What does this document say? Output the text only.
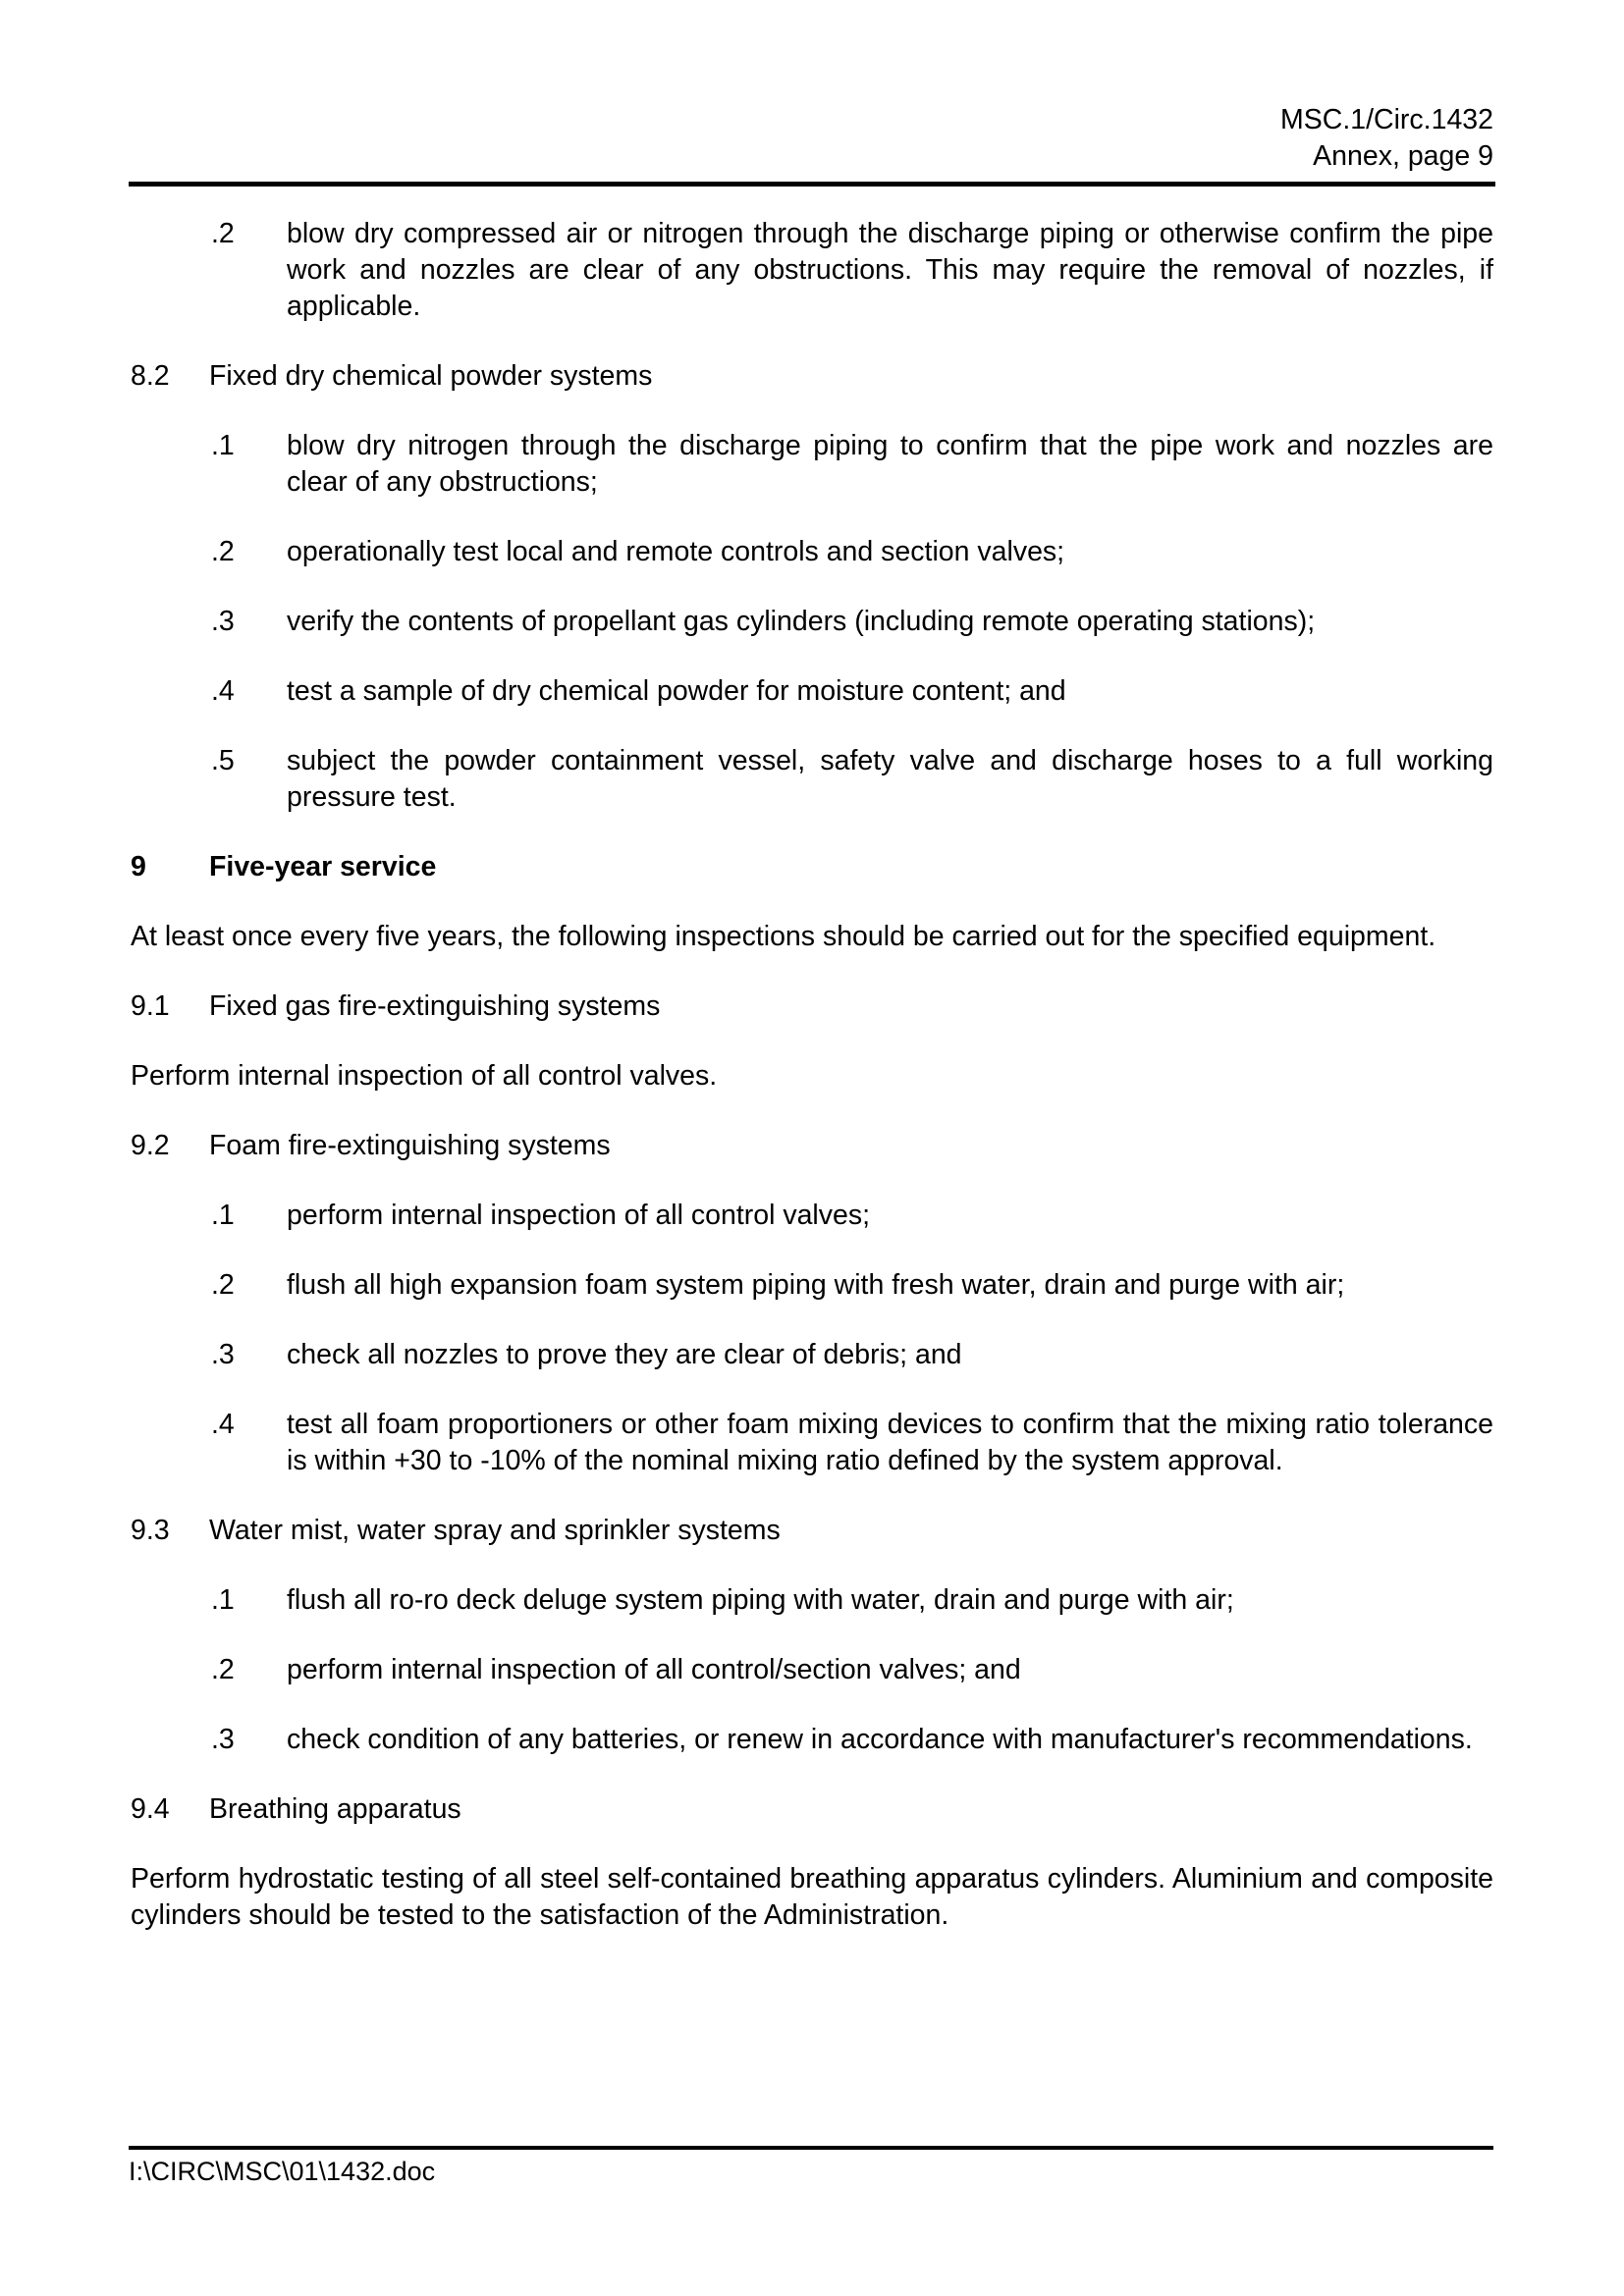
MSC.1/Circ.1432
Annex, page 9
.2	blow dry compressed air or nitrogen through the discharge piping or otherwise confirm the pipe work and nozzles are clear of any obstructions. This may require the removal of nozzles, if applicable.

8.2	Fixed dry chemical powder systems
.1	blow dry nitrogen through the discharge piping to confirm that the pipe work and nozzles are clear of any obstructions;

.2	operationally test local and remote controls and section valves;

.3	verify the contents of propellant gas cylinders (including remote operating stations);

.4	test a sample of dry chemical powder for moisture content; and

.5	subject the powder containment vessel, safety valve and discharge hoses to a full working pressure test.

9	Five-year service

At least once every five years, the following inspections should be carried out for the specified equipment.

9.1	Fixed gas fire-extinguishing systems

Perform internal inspection of all control valves.

9.2	Foam fire-extinguishing systems
.1	perform internal inspection of all control valves;

.2	flush all high expansion foam system piping with fresh water, drain and purge with air;

.3	check all nozzles to prove they are clear of debris; and

.4	test all foam proportioners or other foam mixing devices to confirm that the mixing ratio tolerance is within +30 to -10% of the nominal mixing ratio defined by the system approval.

9.3	Water mist, water spray and sprinkler systems
.1	flush all ro-ro deck deluge system piping with water, drain and purge with air;

.2	perform internal inspection of all control/section valves; and

.3	check condition of any batteries, or renew in accordance with manufacturer's recommendations.

9.4	Breathing apparatus

Perform hydrostatic testing of all steel self-contained breathing apparatus cylinders. Aluminium and composite cylinders should be tested to the satisfaction of the Administration.

I:\CIRC\MSC\01\1432.doc
